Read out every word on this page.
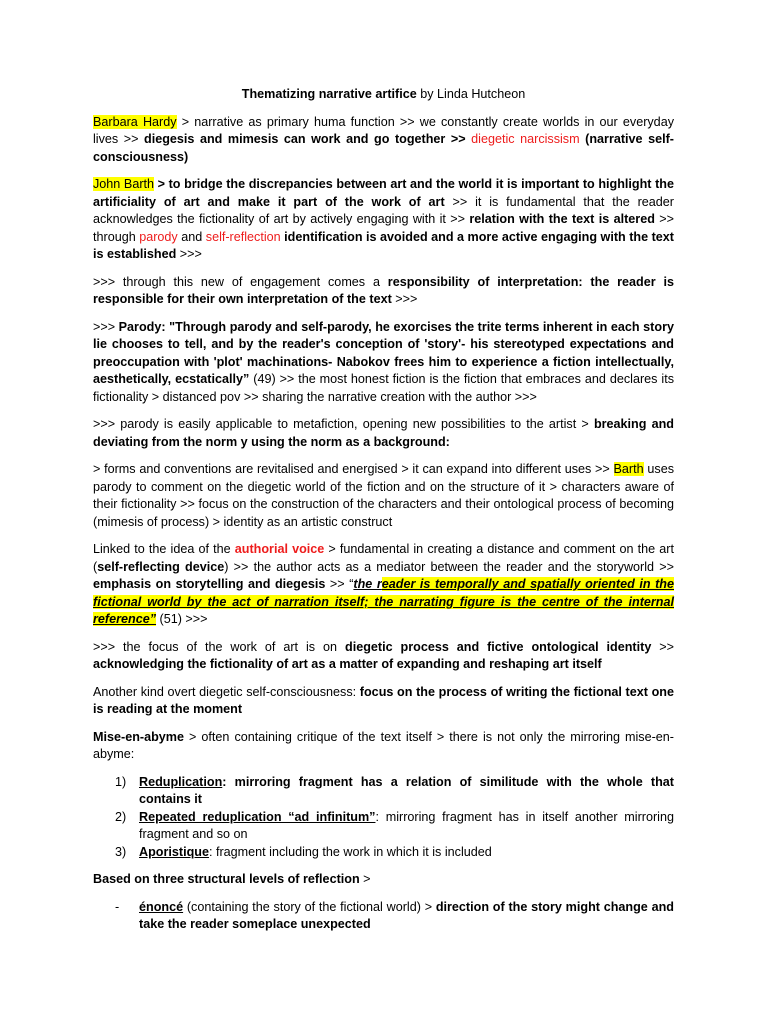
Thematizing narrative artifice by Linda Hutcheon

Barbara Hardy > narrative as primary huma function >> we constantly create worlds in our everyday lives >> diegesis and mimesis can work and go together >> diegetic narcissism (narrative self-consciousness)

John Barth > to bridge the discrepancies between art and the world it is important to highlight the artificiality of art and make it part of the work of art >> it is fundamental that the reader acknowledges the fictionality of art by actively engaging with it >> relation with the text is altered >> through parody and self-reflection identification is avoided and a more active engaging with the text is established >>>

>>> through this new of engagement comes a responsibility of interpretation: the reader is responsible for their own interpretation of the text >>>

>>> Parody: "Through parody and self-parody, he exorcises the trite terms inherent in each story lie chooses to tell, and by the reader's conception of 'story'- his stereotyped expectations and preoccupation with 'plot' machinations- Nabokov frees him to experience a fiction intellectually, aesthetically, ecstatically” (49) >> the most honest fiction is the fiction that embraces and declares its fictionality > distanced pov >> sharing the narrative creation with the author >>>

>>> parody is easily applicable to metafiction, opening new possibilities to the artist > breaking and deviating from the norm y using the norm as a background:

> forms and conventions are revitalised and energised > it can expand into different uses >> Barth uses parody to comment on the diegetic world of the fiction and on the structure of it > characters aware of their fictionality >> focus on the construction of the characters and their ontological process of becoming (mimesis of process) > identity as an artistic construct

Linked to the idea of the authorial voice > fundamental in creating a distance and comment on the art (self-reflecting device) >> the author acts as a mediator between the reader and the storyworld >> emphasis on storytelling and diegesis >> “the reader is temporally and spatially oriented in the fictional world by the act of narration itself; the narrating figure is the centre of the internal reference” (51) >>>

>>> the focus of the work of art is on diegetic process and fictive ontological identity >> acknowledging the fictionality of art as a matter of expanding and reshaping art itself

Another kind overt diegetic self-consciousness: focus on the process of writing the fictional text one is reading at the moment

Mise-en-abyme > often containing critique of the text itself > there is not only the mirroring mise-en-abyme:

1) Reduplication: mirroring fragment has a relation of similitude with the whole that contains it
2) Repeated reduplication “ad infinitum”: mirroring fragment has in itself another mirroring fragment and so on
3) Aporistique: fragment including the work in which it is included

Based on three structural levels of reflection >

- énoncé (containing the story of the fictional world) > direction of the story might change and take the reader someplace unexpected
